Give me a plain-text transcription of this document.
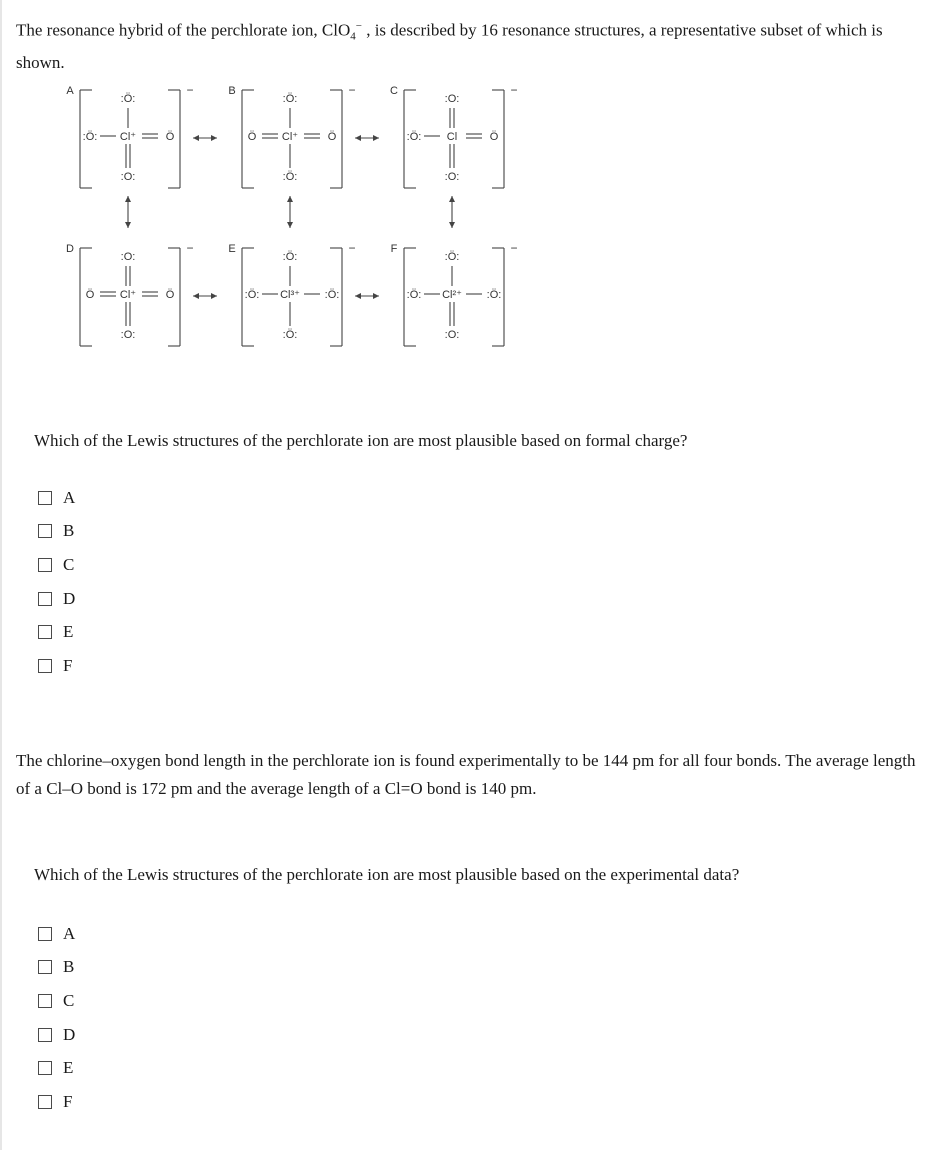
The resonance hybrid of the perchlorate ion, ClO$_4$− , is described by 16 resonance structures, a representative subset of which is shown.

A	−
Cl⁺
:Ö:	Ö
:Ö:
:O:
B	−
Cl⁺
Ö	Ö
:Ö:
:Ö:
C	−
Cl
:Ö:	Ö
:O:
:O:
D	−
Cl⁺
Ö	Ö
:O:
:O:
E	−
Cl³⁺
:Ö:	:Ö:
:Ö:
:Ö:
F	−
Cl²⁺
:Ö:	:Ö:
:Ö:
:O:

Which of the Lewis structures of the perchlorate ion are most plausible based on formal charge?

A
B
C
D
E
F

The chlorine–oxygen bond length in the perchlorate ion is found experimentally to be 144 pm for all four bonds. The average length of a Cl–O bond is 172 pm and the average length of a Cl=O bond is 140 pm.

Which of the Lewis structures of the perchlorate ion are most plausible based on the experimental data?

A
B
C
D
E
F
